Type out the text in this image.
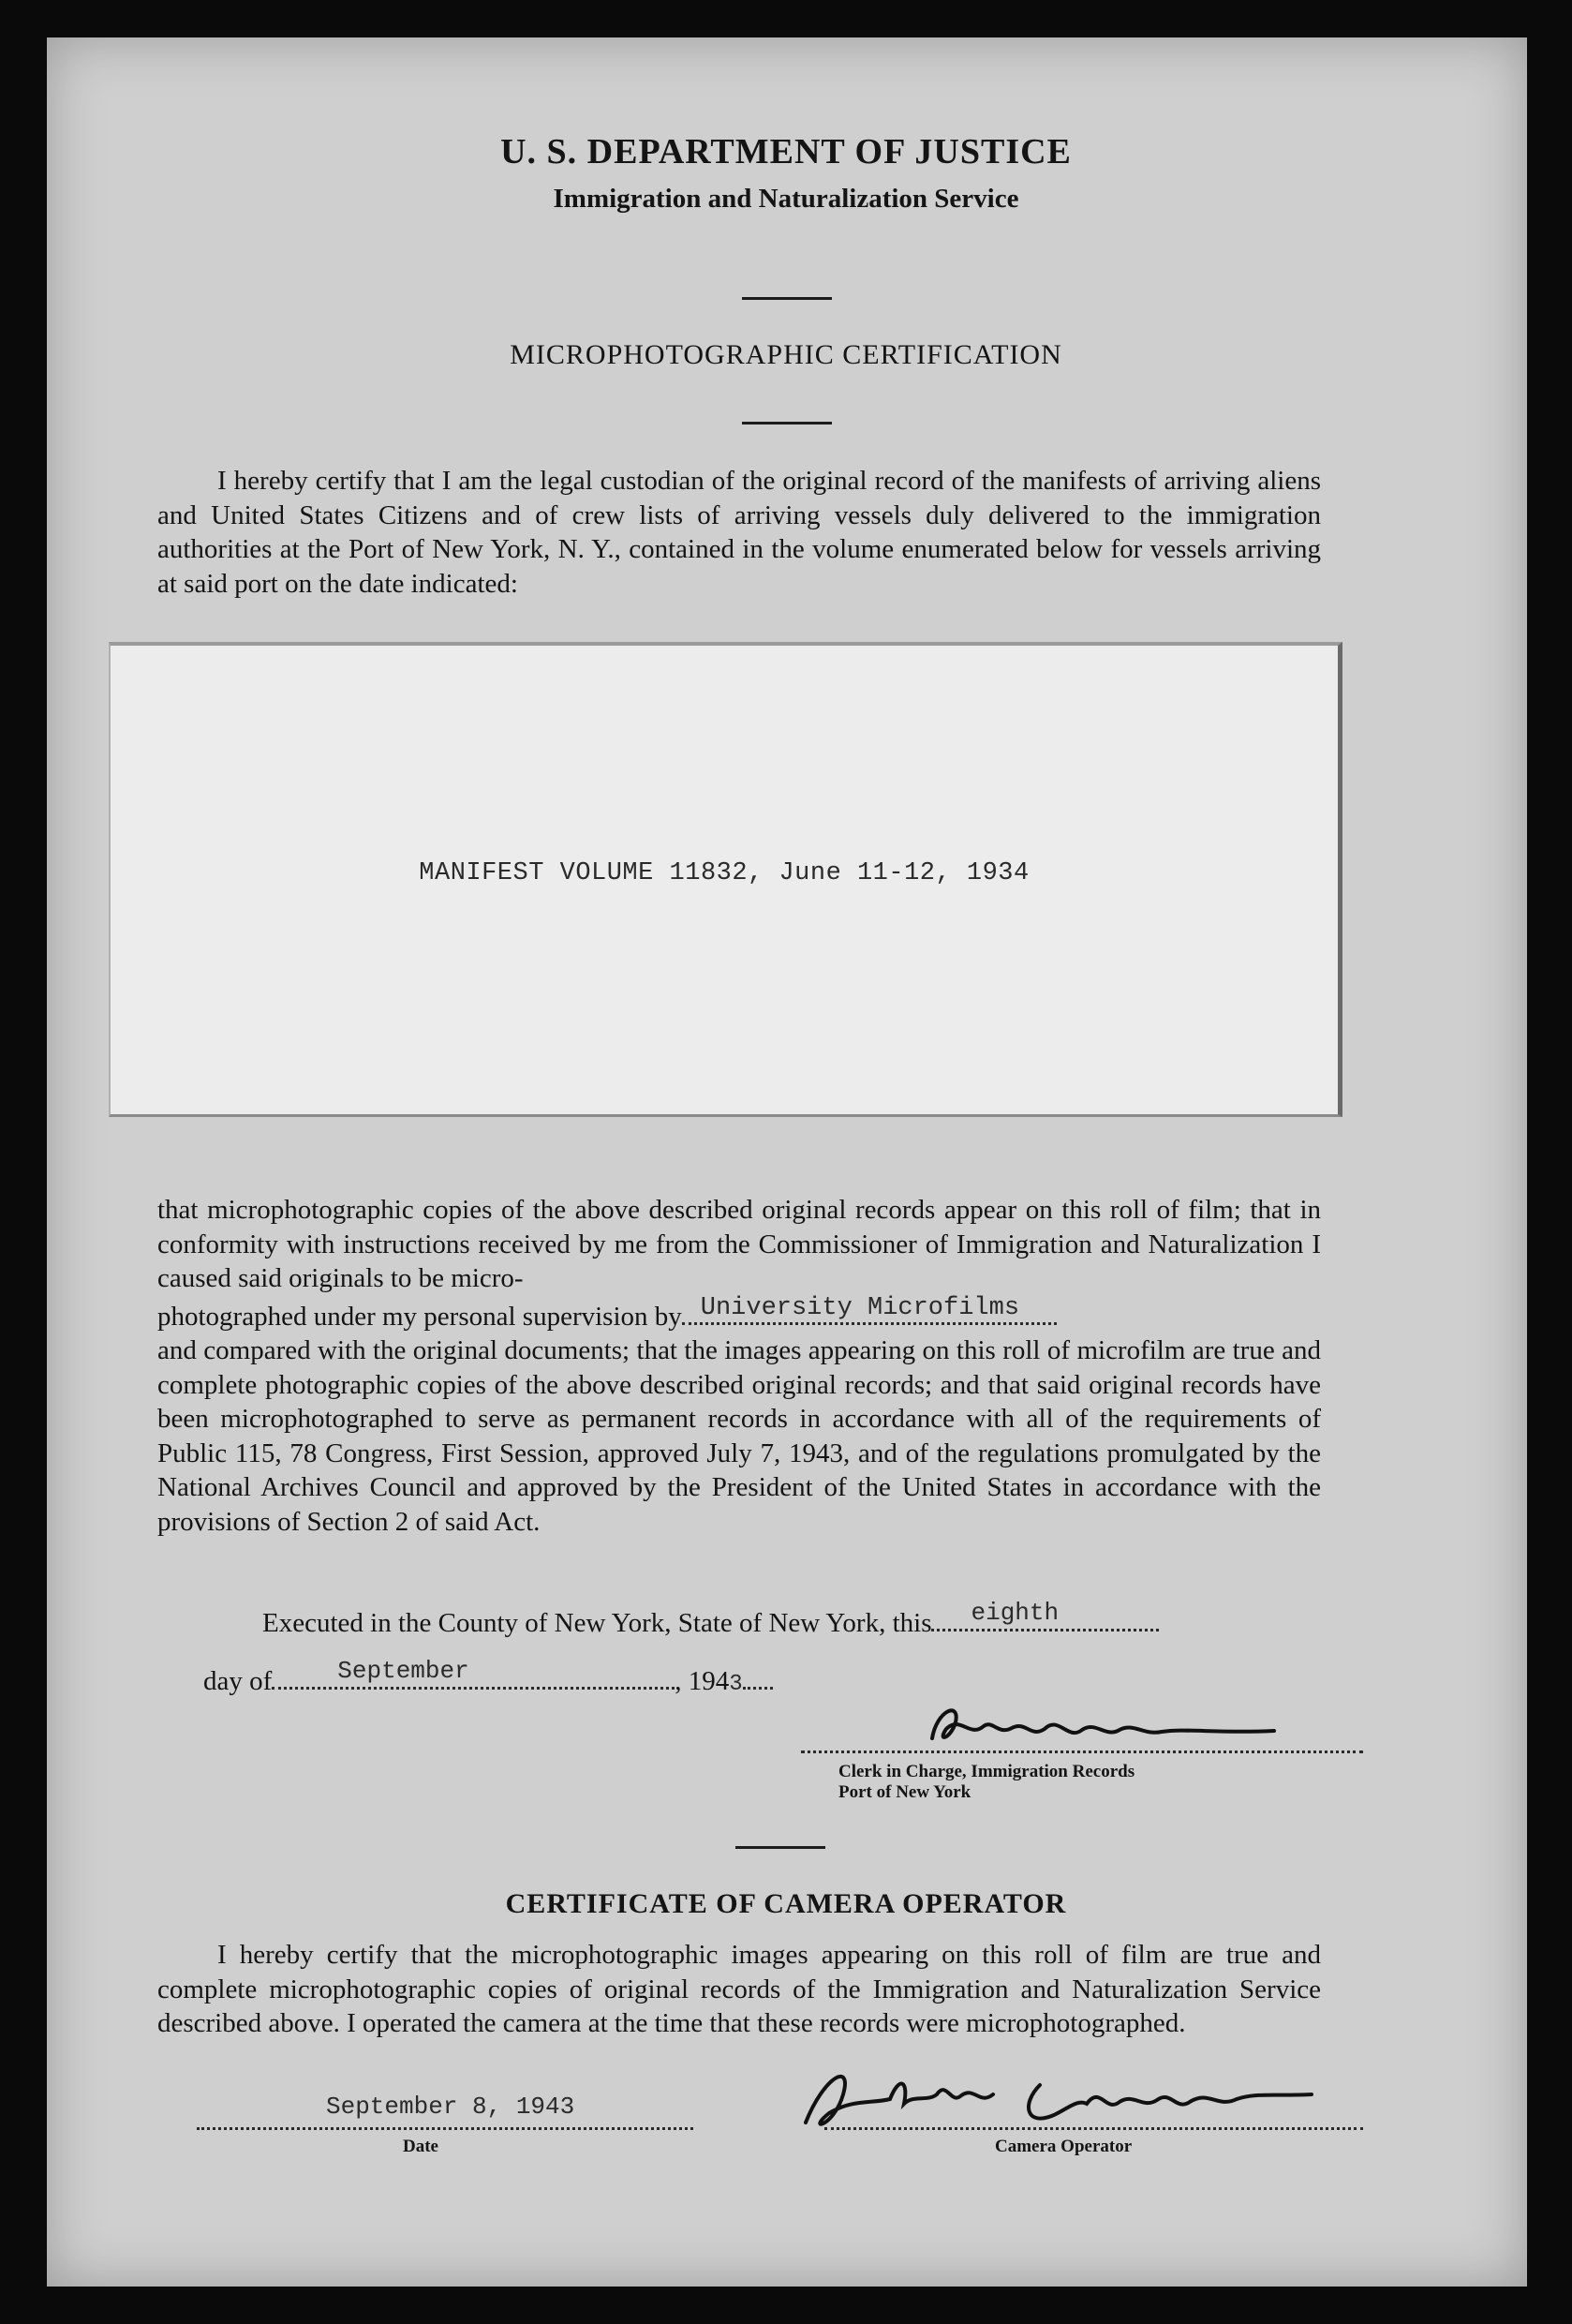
U. S. DEPARTMENT OF JUSTICE
Immigration and Naturalization Service
MICROPHOTOGRAPHIC CERTIFICATION

I hereby certify that I am the legal custodian of the original record of the manifests of arriving aliens and United States Citizens and of crew lists of arriving vessels duly delivered to the immigration authorities at the Port of New York, N. Y., contained in the volume enumerated below for vessels arriving at said port on the date indicated:

MANIFEST VOLUME 11832, June 11-12, 1934

that microphotographic copies of the above described original records appear on this roll of film; that in conformity with instructions received by me from the Commissioner of Immigration and Naturalization I caused said originals to be micro-

photographed under my personal supervision by University Microfilms

and compared with the original documents; that the images appearing on this roll of microfilm are true and complete photographic copies of the above described original records; and that said original records have been microphotographed to serve as permanent records in accordance with all of the requirements of Public 115, 78 Congress, First Session, approved July 7, 1943, and of the regulations promulgated by the National Archives Council and approved by the President of the United States in accordance with the provisions of Section 2 of said Act.

Executed in the County of New York, State of New York, this eighth
day of	September	, 1943
Clerk in Charge, Immigration Records
Port of New York
CERTIFICATE OF CAMERA OPERATOR

I hereby certify that the microphotographic images appearing on this roll of film are true and complete microphotographic copies of original records of the Immigration and Naturalization Service described above. I operated the camera at the time that these records were microphotographed.

September 8, 1943
Date	Camera Operator
